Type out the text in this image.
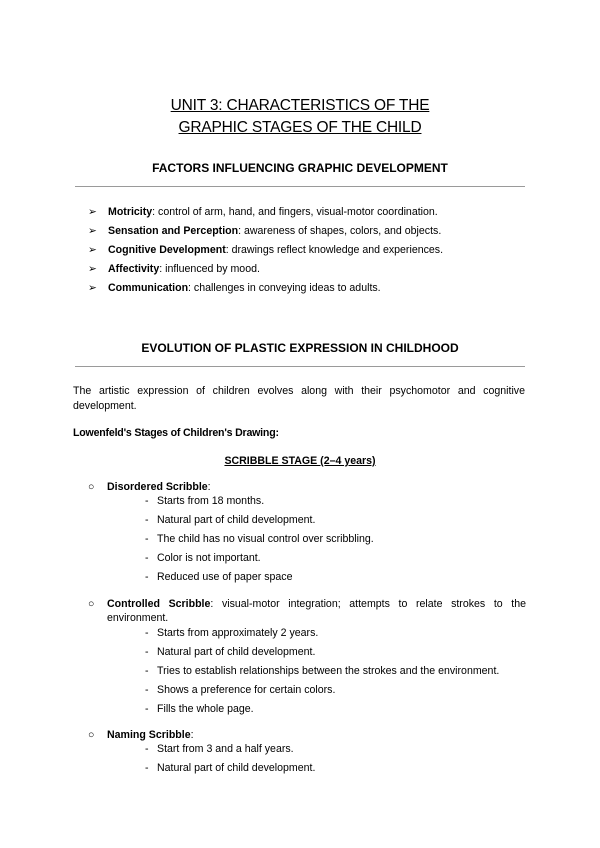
UNIT 3: CHARACTERISTICS OF THE
GRAPHIC STAGES OF THE CHILD
FACTORS INFLUENCING GRAPHIC DEVELOPMENT
➢ Motricity: control of arm, hand, and fingers, visual-motor coordination.
➢ Sensation and Perception: awareness of shapes, colors, and objects.
➢ Cognitive Development: drawings reflect knowledge and experiences.
➢ Affectivity: influenced by mood.
➢ Communication: challenges in conveying ideas to adults.
EVOLUTION OF PLASTIC EXPRESSION IN CHILDHOOD
The artistic expression of children evolves along with their psychomotor and cognitive development.
Lowenfeld's Stages of Children's Drawing:
SCRIBBLE STAGE (2–4 years)
○ Disordered Scribble:
- Starts from 18 months.
- Natural part of child development.
- The child has no visual control over scribbling.
- Color is not important.
- Reduced use of paper space
○ Controlled Scribble: visual-motor integration; attempts to relate strokes to the environment.
- Starts from approximately 2 years.
- Natural part of child development.
- Tries to establish relationships between the strokes and the environment.
- Shows a preference for certain colors.
- Fills the whole page.
○ Naming Scribble:
- Start from 3 and a half years.
- Natural part of child development.
